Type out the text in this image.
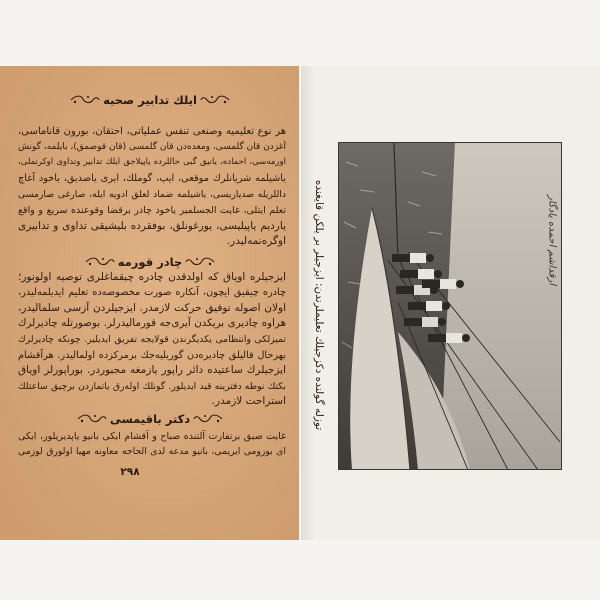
ایلك تدابیر صحیه
هر نوع تعلیمیه وصنعی تنفس عملیاتی، احتقان، بورون قاناماسی،
آغزدن قان گلمسی، ومعده‌دن قان گلمسی (قان قوصمق)، بایلمه، گونش
اورمه‌سی، احماده، یانیق گبی حاللرده یاپیلاجق ایلك تدابیر وتداوی اوکرنملی،
یاشیلمه شریانلرك موقعی، ایپ، گوملك، ایری یاصدیق، یاخود آغاچ
داللریله صدپاریسی، یاشیلمه ضماد لعلق ادویه ایله، صارغی صارمسی
تعلم ایتلی، غایت الجسلمیر یاخود چادر برقضا وقوعنده سریع و واقع
یاردیم یاپیلیسی، یورغونلق، بوفقرده بلیشیقی تداوی و تدابیری
اوگره‌نمه‌لیدر.
چادر قورمه
ایزجیلره اویاق که اولدقدن چادره چیقماغلری توصیه اولونور؛
چادره چیقیق ایچون، آنکاره صورت مخصوصه‌ده تعلیم ایدیلمه‌لیدر،
اولان اصوله توفیق حرکت لازمدر. ایزجیلردن آزسی سلمالیدر،
هراوه چادیری بریکدن آیری‌جه قورمالیدرلر. بوصورتله چادیرلرك
تمیزلکی وانتظامی یکدیگرندن قولایجه تفریق ایدیلیر. چونکه چادیرلرك
بهرحال قالیلق چادیره‌دن گوریلیه‌جك برمرکزده اولمالیدر. هرآقشام
ایزجیلرك ساعتیده دائر راپور یازمغه مجبوردر. بوراپورلر اویاق
بکتك نوطه دفترینه قید ایدیلور. گونلك اوله‌رق یاتمازدن برچیق ساعتلك
استراحت لازمدر.
دکتر باقیمسی
غایت صیق برتفارت آلتنده صباح و آقشام ایکی بانیو یاپدیریلور، ایکی
ای بوزومی ایریمی، بانیو مدعه لدی الحاجه معاونه مهیا اولورق لوزمی
۲۹۸
توزله گولنده دکزجیلك تعلیملرندن: ایزجیلر بر یلکن قایغنده	ارقداشم احمده یادگار
